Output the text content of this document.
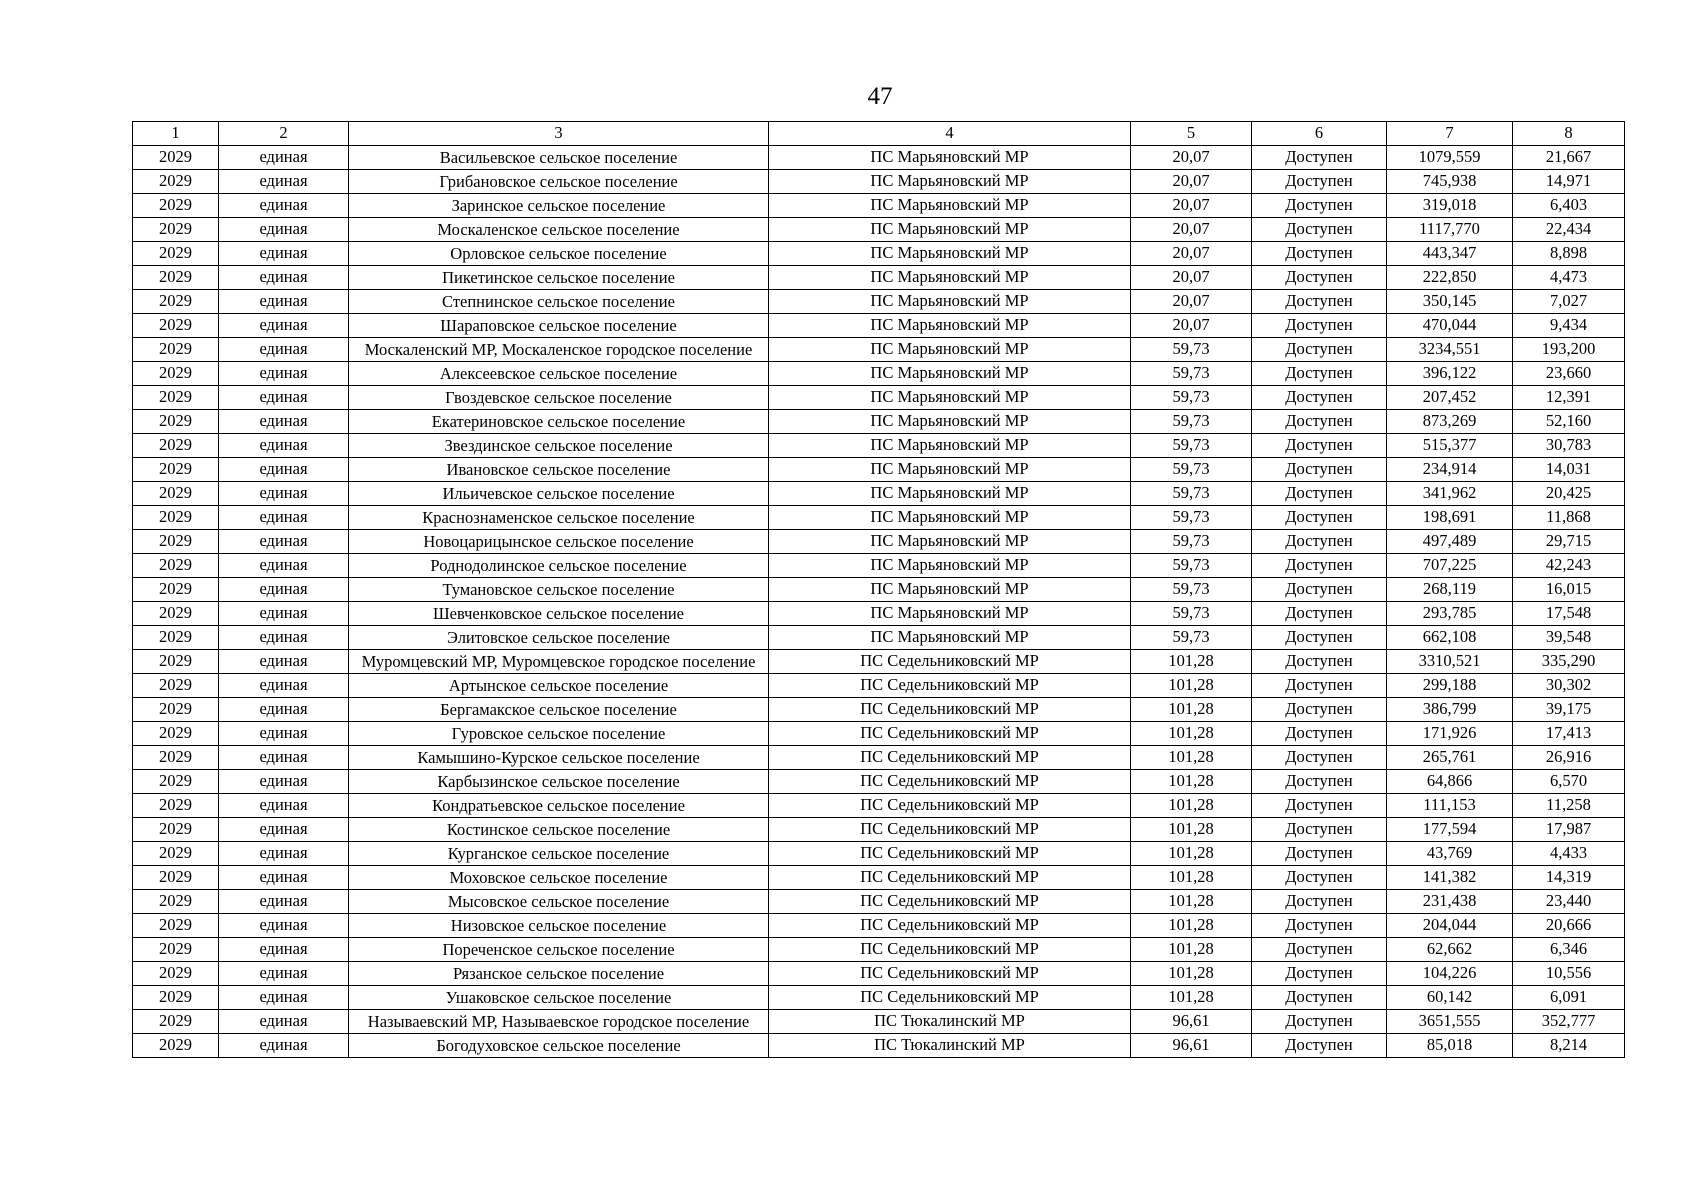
47
1	2	3	4	5	6	7	8
2029	единая	Васильевское сельское поселение	ПС Марьяновский МР	20,07	Доступен	1079,559	21,667
2029	единая	Грибановское сельское поселение	ПС Марьяновский МР	20,07	Доступен	745,938	14,971
2029	единая	Заринское сельское поселение	ПС Марьяновский МР	20,07	Доступен	319,018	6,403
2029	единая	Москаленское сельское поселение	ПС Марьяновский МР	20,07	Доступен	1117,770	22,434
2029	единая	Орловское сельское поселение	ПС Марьяновский МР	20,07	Доступен	443,347	8,898
2029	единая	Пикетинское сельское поселение	ПС Марьяновский МР	20,07	Доступен	222,850	4,473
2029	единая	Степнинское сельское поселение	ПС Марьяновский МР	20,07	Доступен	350,145	7,027
2029	единая	Шараповское сельское поселение	ПС Марьяновский МР	20,07	Доступен	470,044	9,434
2029	единая	Москаленский МР, Москаленское городское поселение	ПС Марьяновский МР	59,73	Доступен	3234,551	193,200
2029	единая	Алексеевское сельское поселение	ПС Марьяновский МР	59,73	Доступен	396,122	23,660
2029	единая	Гвоздевское сельское поселение	ПС Марьяновский МР	59,73	Доступен	207,452	12,391
2029	единая	Екатериновское сельское поселение	ПС Марьяновский МР	59,73	Доступен	873,269	52,160
2029	единая	Звездинское сельское поселение	ПС Марьяновский МР	59,73	Доступен	515,377	30,783
2029	единая	Ивановское сельское поселение	ПС Марьяновский МР	59,73	Доступен	234,914	14,031
2029	единая	Ильичевское сельское поселение	ПС Марьяновский МР	59,73	Доступен	341,962	20,425
2029	единая	Краснознаменское сельское поселение	ПС Марьяновский МР	59,73	Доступен	198,691	11,868
2029	единая	Новоцарицынское сельское поселение	ПС Марьяновский МР	59,73	Доступен	497,489	29,715
2029	единая	Роднодолинское сельское поселение	ПС Марьяновский МР	59,73	Доступен	707,225	42,243
2029	единая	Тумановское сельское поселение	ПС Марьяновский МР	59,73	Доступен	268,119	16,015
2029	единая	Шевченковское сельское поселение	ПС Марьяновский МР	59,73	Доступен	293,785	17,548
2029	единая	Элитовское сельское поселение	ПС Марьяновский МР	59,73	Доступен	662,108	39,548
2029	единая	Муромцевский МР, Муромцевское городское поселение	ПС Седельниковский МР	101,28	Доступен	3310,521	335,290
2029	единая	Артынское сельское поселение	ПС Седельниковский МР	101,28	Доступен	299,188	30,302
2029	единая	Бергамакское сельское поселение	ПС Седельниковский МР	101,28	Доступен	386,799	39,175
2029	единая	Гуровское сельское поселение	ПС Седельниковский МР	101,28	Доступен	171,926	17,413
2029	единая	Камышино-Курское сельское поселение	ПС Седельниковский МР	101,28	Доступен	265,761	26,916
2029	единая	Карбызинское сельское поселение	ПС Седельниковский МР	101,28	Доступен	64,866	6,570
2029	единая	Кондратьевское сельское поселение	ПС Седельниковский МР	101,28	Доступен	111,153	11,258
2029	единая	Костинское сельское поселение	ПС Седельниковский МР	101,28	Доступен	177,594	17,987
2029	единая	Курганское сельское поселение	ПС Седельниковский МР	101,28	Доступен	43,769	4,433
2029	единая	Моховское сельское поселение	ПС Седельниковский МР	101,28	Доступен	141,382	14,319
2029	единая	Мысовское сельское поселение	ПС Седельниковский МР	101,28	Доступен	231,438	23,440
2029	единая	Низовское сельское поселение	ПС Седельниковский МР	101,28	Доступен	204,044	20,666
2029	единая	Пореченское сельское поселение	ПС Седельниковский МР	101,28	Доступен	62,662	6,346
2029	единая	Рязанское сельское поселение	ПС Седельниковский МР	101,28	Доступен	104,226	10,556
2029	единая	Ушаковское сельское поселение	ПС Седельниковский МР	101,28	Доступен	60,142	6,091
2029	единая	Называевский МР, Называевское городское поселение	ПС Тюкалинский МР	96,61	Доступен	3651,555	352,777
2029	единая	Богодуховское сельское поселение	ПС Тюкалинский МР	96,61	Доступен	85,018	8,214
